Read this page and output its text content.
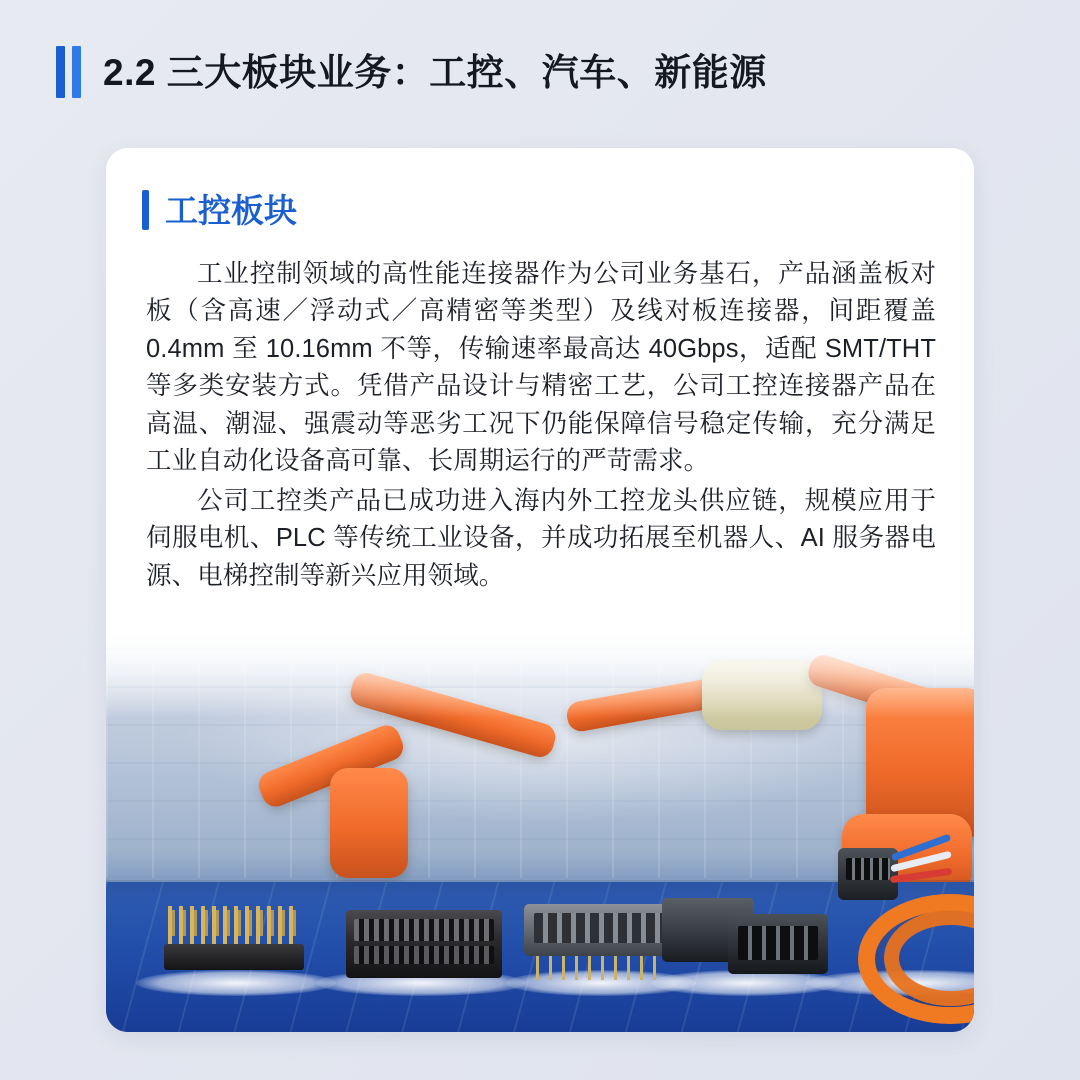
2.2 三大板块业务：工控、汽车、新能源
工控板块

工业控制领域的高性能连接器作为公司业务基石，产品涵盖板对板（含高速／浮动式／高精密等类型）及线对板连接器，间距覆盖 0.4mm 至 10.16mm 不等，传输速率最高达 40Gbps，适配 SMT/THT 等多类安装方式。凭借产品设计与精密工艺，公司工控连接器产品在高温、潮湿、强震动等恶劣工况下仍能保障信号稳定传输，充分满足工业自动化设备高可靠、长周期运行的严苛需求。

公司工控类产品已成功进入海内外工控龙头供应链，规模应用于伺服电机、PLC 等传统工业设备，并成功拓展至机器人、AI 服务器电源、电梯控制等新兴应用领域。
